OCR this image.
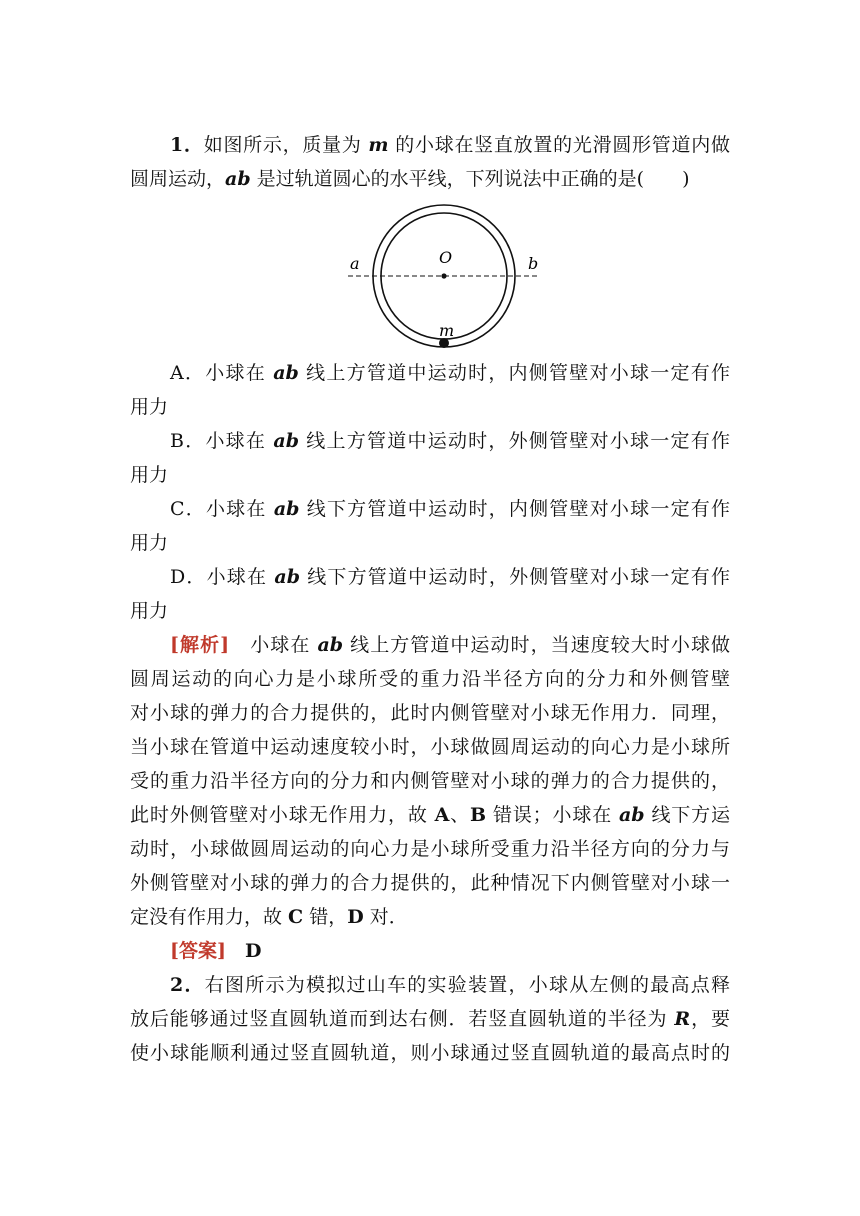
1．如图所示，质量为 m 的小球在竖直放置的光滑圆形管道内做
圆周运动，ab 是过轨道圆心的水平线，下列说法中正确的是(　　)
a	b
O
m
A．小球在 ab 线上方管道中运动时，内侧管壁对小球一定有作
用力
B．小球在 ab 线上方管道中运动时，外侧管壁对小球一定有作
用力
C．小球在 ab 线下方管道中运动时，内侧管壁对小球一定有作
用力
D．小球在 ab 线下方管道中运动时，外侧管壁对小球一定有作
用力
[解析]　小球在 ab 线上方管道中运动时，当速度较大时小球做
圆周运动的向心力是小球所受的重力沿半径方向的分力和外侧管壁
对小球的弹力的合力提供的，此时内侧管壁对小球无作用力．同理，
当小球在管道中运动速度较小时，小球做圆周运动的向心力是小球所
受的重力沿半径方向的分力和内侧管壁对小球的弹力的合力提供的，
此时外侧管壁对小球无作用力，故 A、B 错误；小球在 ab 线下方运
动时，小球做圆周运动的向心力是小球所受重力沿半径方向的分力与
外侧管壁对小球的弹力的合力提供的，此种情况下内侧管壁对小球一
定没有作用力，故 C 错，D 对．
[答案]　 D
2．右图所示为模拟过山车的实验装置，小球从左侧的最高点释
放后能够通过竖直圆轨道而到达右侧．若竖直圆轨道的半径为 R，要
使小球能顺利通过竖直圆轨道，则小球通过竖直圆轨道的最高点时的
